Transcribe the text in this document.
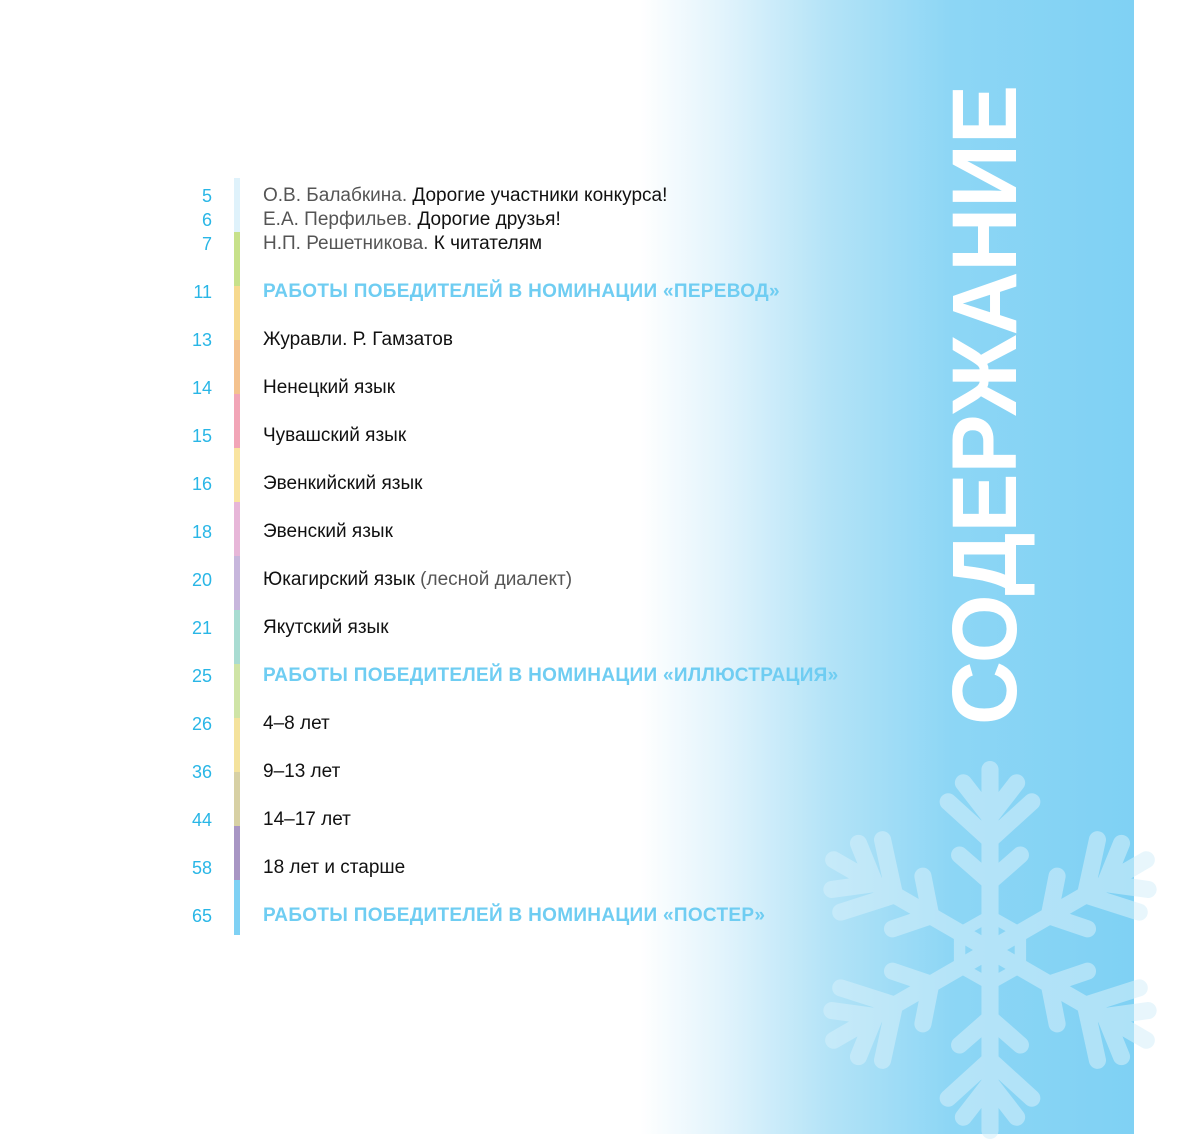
СОДЕРЖАНИЕ
5	О.В. Балабкина. Дорогие участники конкурса!
6	Е.А. Перфильев. Дорогие друзья!
7	Н.П. Решетникова. К читателям
11	РАБОТЫ ПОБЕДИТЕЛЕЙ В НОМИНАЦИИ «ПЕРЕВОД»
13	Журавли. Р. Гамзатов
14	Ненецкий язык
15	Чувашский язык
16	Эвенкийский язык
18	Эвенский язык
20	Юкагирский язык (лесной диалект)
21	Якутский язык
25	РАБОТЫ ПОБЕДИТЕЛЕЙ В НОМИНАЦИИ «ИЛЛЮСТРАЦИЯ»
26	4–8 лет
36	9–13 лет
44	14–17 лет
58	18 лет и старше
65	РАБОТЫ ПОБЕДИТЕЛЕЙ В НОМИНАЦИИ «ПОСТЕР»
